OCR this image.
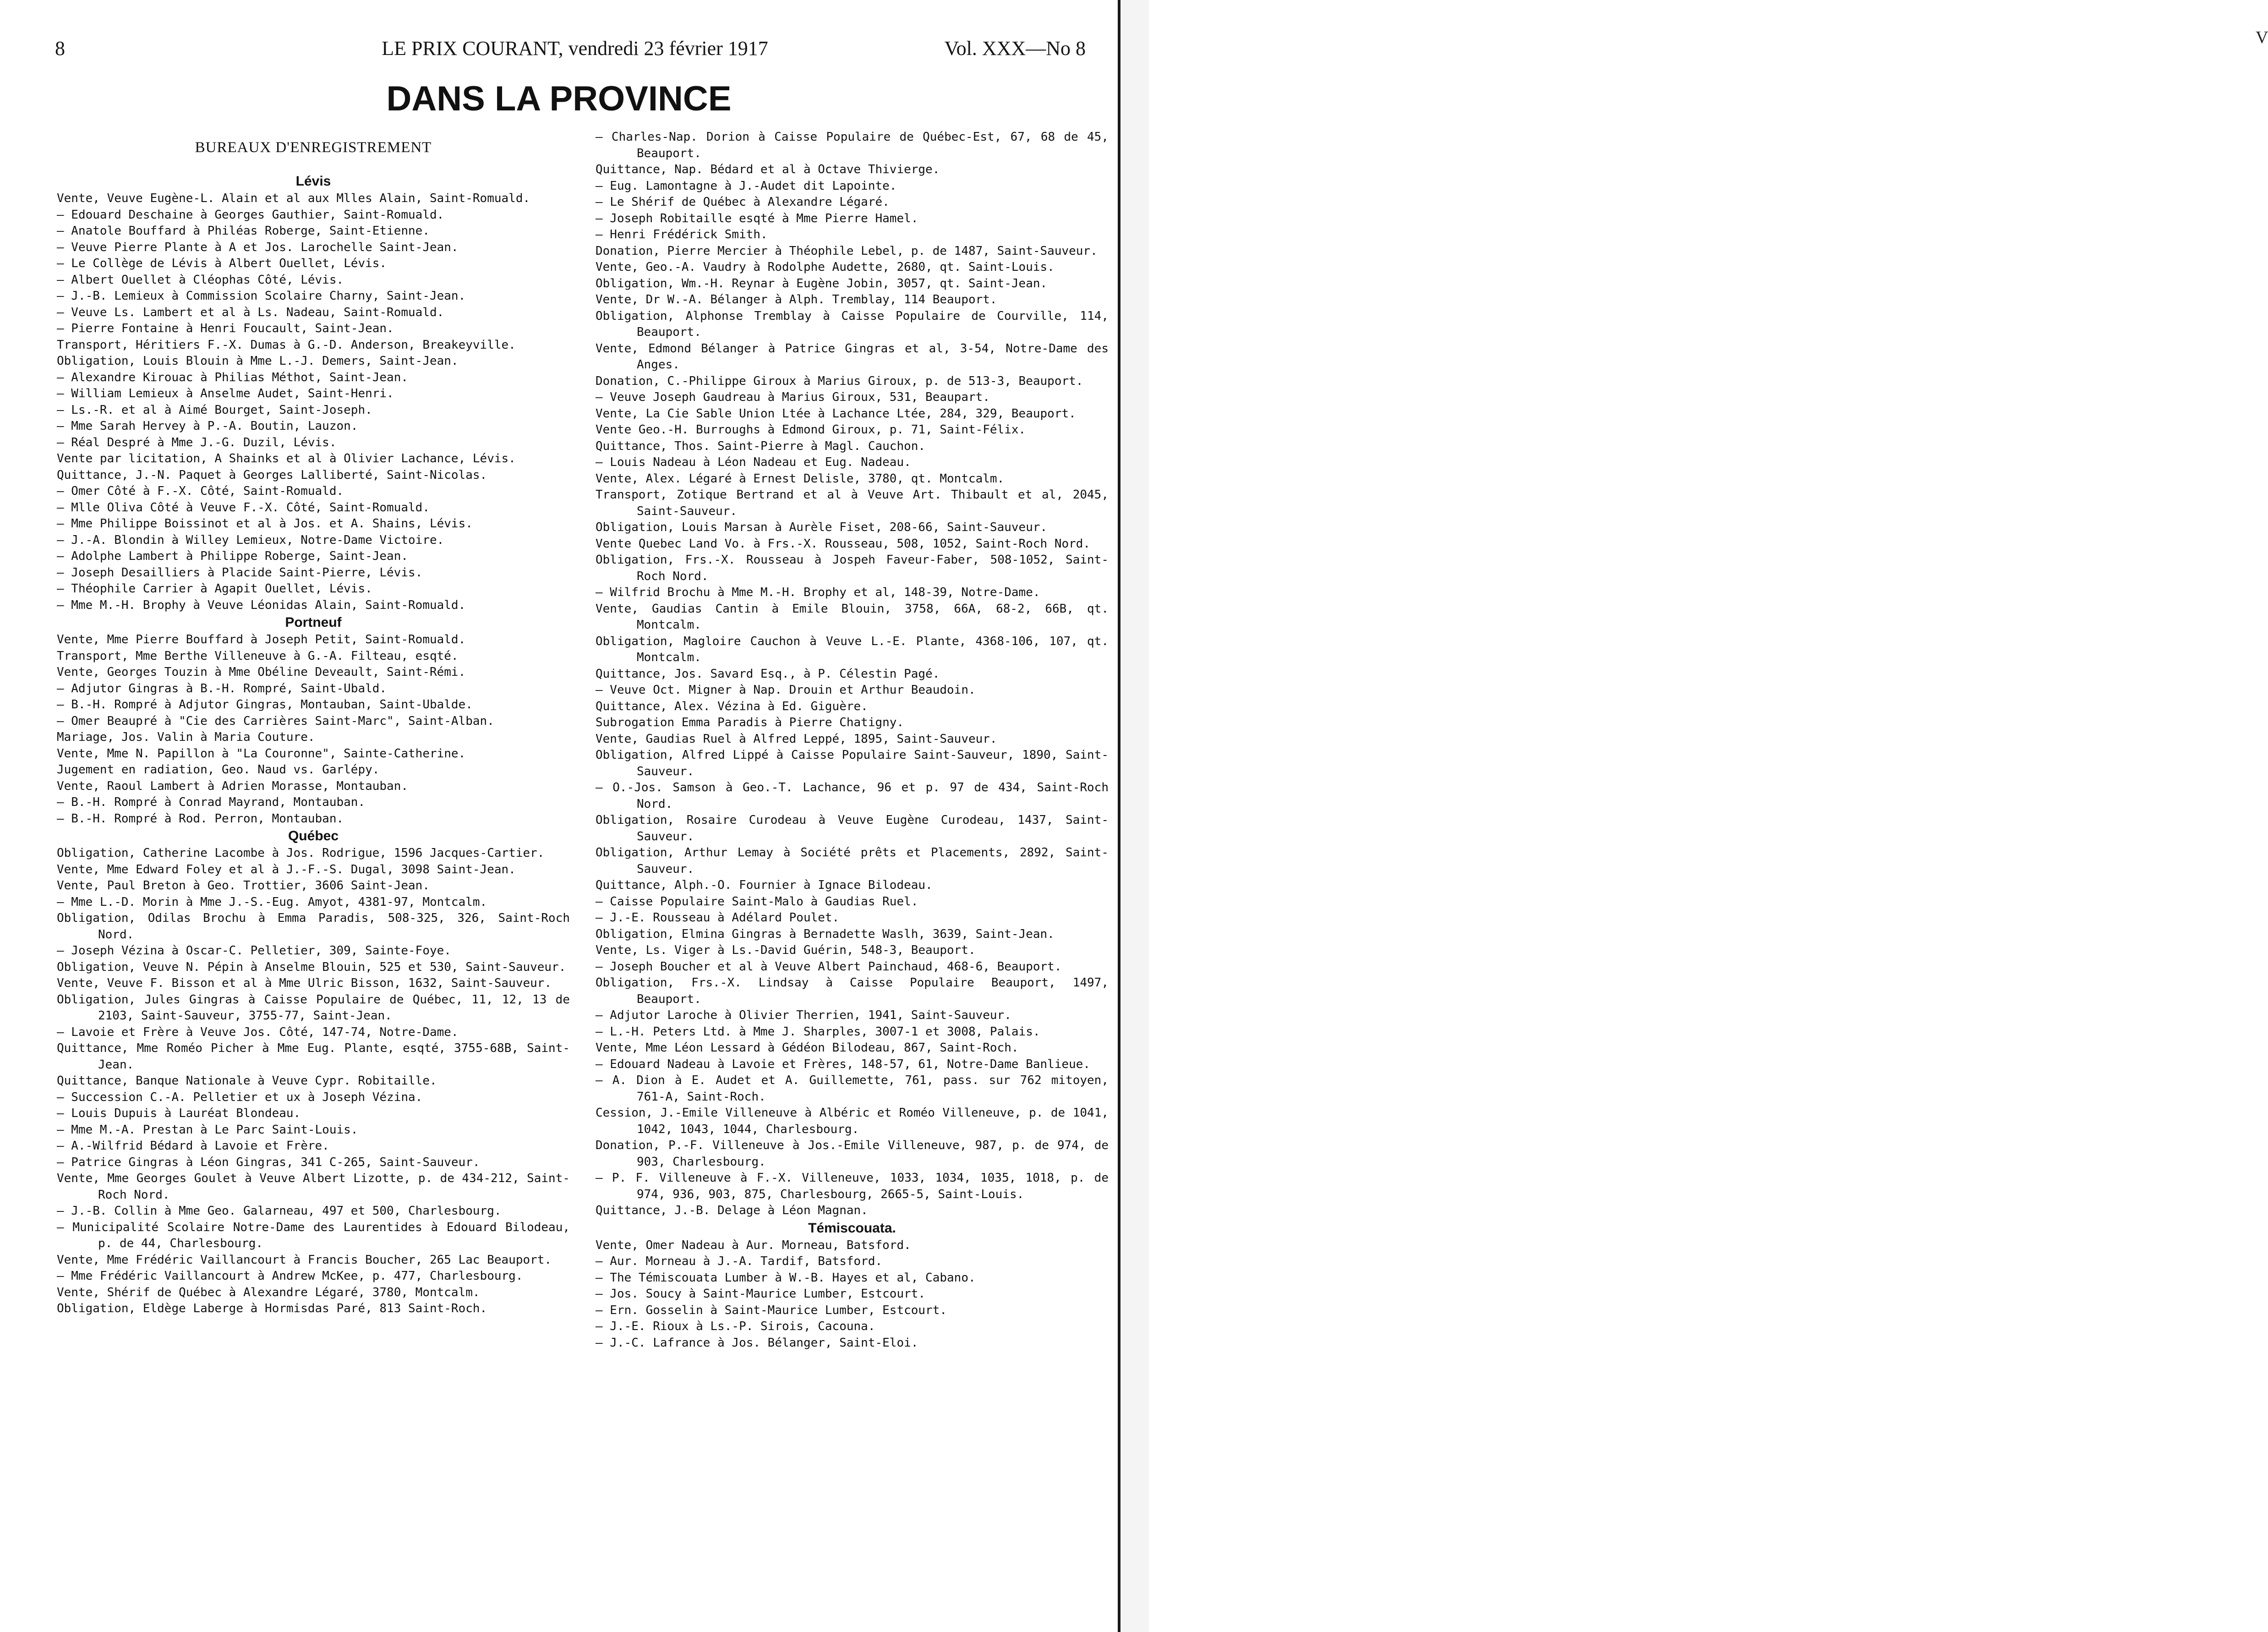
8	LE PRIX COURANT, vendredi 23 février 1917	Vol. XXX—No 8	V
DANS LA PROVINCE
BUREAUX D'ENREGISTREMENT
Lévis
Vente, Veuve Eugène-L. Alain et al aux Mlles Alain, Saint-Romuald.
— Edouard Deschaine à Georges Gauthier, Saint-Romuald.
— Anatole Bouffard à Philéas Roberge, Saint-Etienne.
— Veuve Pierre Plante à A et Jos. Larochelle Saint-Jean.
— Le Collège de Lévis à Albert Ouellet, Lévis.
— Albert Ouellet à Cléophas Côté, Lévis.
— J.-B. Lemieux à Commission Scolaire Charny, Saint-Jean.
— Veuve Ls. Lambert et al à Ls. Nadeau, Saint-Romuald.
— Pierre Fontaine à Henri Foucault, Saint-Jean.
Transport, Héritiers F.-X. Dumas à G.-D. Anderson, Breakeyville.
Obligation, Louis Blouin à Mme L.-J. Demers, Saint-Jean.
— Alexandre Kirouac à Philias Méthot, Saint-Jean.
— William Lemieux à Anselme Audet, Saint-Henri.
— Ls.-R. et al à Aimé Bourget, Saint-Joseph.
— Mme Sarah Hervey à P.-A. Boutin, Lauzon.
— Réal Despré à Mme J.-G. Duzil, Lévis.
Vente par licitation, A Shainks et al à Olivier Lachance, Lévis.
Quittance, J.-N. Paquet à Georges Lalliberté, Saint-Nicolas.
— Omer Côté à F.-X. Côté, Saint-Romuald.
— Mlle Oliva Côté à Veuve F.-X. Côté, Saint-Romuald.
— Mme Philippe Boissinot et al à Jos. et A. Shains, Lévis.
— J.-A. Blondin à Willey Lemieux, Notre-Dame Victoire.
— Adolphe Lambert à Philippe Roberge, Saint-Jean.
— Joseph Desailliers à Placide Saint-Pierre, Lévis.
— Théophile Carrier à Agapit Ouellet, Lévis.
— Mme M.-H. Brophy à Veuve Léonidas Alain, Saint-Romuald.
Portneuf
Vente, Mme Pierre Bouffard à Joseph Petit, Saint-Romuald.
Transport, Mme Berthe Villeneuve à G.-A. Filteau, esqté.
Vente, Georges Touzin à Mme Obéline Deveault, Saint-Rémi.
— Adjutor Gingras à B.-H. Rompré, Saint-Ubald.
— B.-H. Rompré à Adjutor Gingras, Montauban, Saint-Ubalde.
— Omer Beaupré à "Cie des Carrières Saint-Marc", Saint-Alban.
Mariage, Jos. Valin à Maria Couture.
Vente, Mme N. Papillon à "La Couronne", Sainte-Catherine.
Jugement en radiation, Geo. Naud vs. Garlépy.
Vente, Raoul Lambert à Adrien Morasse, Montauban.
— B.-H. Rompré à Conrad Mayrand, Montauban.
— B.-H. Rompré à Rod. Perron, Montauban.
Québec
Obligation, Catherine Lacombe à Jos. Rodrigue, 1596 Jacques-Cartier.
Vente, Mme Edward Foley et al à J.-F.-S. Dugal, 3098 Saint-Jean.
Vente, Paul Breton à Geo. Trottier, 3606 Saint-Jean.
— Mme L.-D. Morin à Mme J.-S.-Eug. Amyot, 4381-97, Montcalm.
Obligation, Odilas Brochu à Emma Paradis, 508-325, 326, Saint-Roch Nord.
— Joseph Vézina à Oscar-C. Pelletier, 309, Sainte-Foye.
Obligation, Veuve N. Pépin à Anselme Blouin, 525 et 530, Saint-Sauveur.
Vente, Veuve F. Bisson et al à Mme Ulric Bisson, 1632, Saint-Sauveur.
Obligation, Jules Gingras à Caisse Populaire de Québec, 11, 12, 13 de 2103, Saint-Sauveur, 3755-77, Saint-Jean.
— Lavoie et Frère à Veuve Jos. Côté, 147-74, Notre-Dame.
Quittance, Mme Roméo Picher à Mme Eug. Plante, esqté, 3755-68B, Saint-Jean.
Quittance, Banque Nationale à Veuve Cypr. Robitaille.
— Succession C.-A. Pelletier et ux à Joseph Vézina.
— Louis Dupuis à Lauréat Blondeau.
— Mme M.-A. Prestan à Le Parc Saint-Louis.
— A.-Wilfrid Bédard à Lavoie et Frère.
— Patrice Gingras à Léon Gingras, 341 C-265, Saint-Sauveur.
Vente, Mme Georges Goulet à Veuve Albert Lizotte, p. de 434-212, Saint-Roch Nord.
— J.-B. Collin à Mme Geo. Galarneau, 497 et 500, Charlesbourg.
— Municipalité Scolaire Notre-Dame des Laurentides à Edouard Bilodeau, p. de 44, Charlesbourg.
Vente, Mme Frédéric Vaillancourt à Francis Boucher, 265 Lac Beauport.
— Mme Frédéric Vaillancourt à Andrew McKee, p. 477, Charlesbourg.
Vente, Shérif de Québec à Alexandre Légaré, 3780, Montcalm.
Obligation, Eldège Laberge à Hormisdas Paré, 813 Saint-Roch.
— Charles-Nap. Dorion à Caisse Populaire de Québec-Est, 67, 68 de 45, Beauport.
Quittance, Nap. Bédard et al à Octave Thivierge.
— Eug. Lamontagne à J.-Audet dit Lapointe.
— Le Shérif de Québec à Alexandre Légaré.
— Joseph Robitaille esqté à Mme Pierre Hamel.
— Henri Frédérick Smith.
Donation, Pierre Mercier à Théophile Lebel, p. de 1487, Saint-Sauveur.
Vente, Geo.-A. Vaudry à Rodolphe Audette, 2680, qt. Saint-Louis.
Obligation, Wm.-H. Reynar à Eugène Jobin, 3057, qt. Saint-Jean.
Vente, Dr W.-A. Bélanger à Alph. Tremblay, 114 Beauport.
Obligation, Alphonse Tremblay à Caisse Populaire de Courville, 114, Beauport.
Vente, Edmond Bélanger à Patrice Gingras et al, 3-54, Notre-Dame des Anges.
Donation, C.-Philippe Giroux à Marius Giroux, p. de 513-3, Beauport.
— Veuve Joseph Gaudreau à Marius Giroux, 531, Beaupart.
Vente, La Cie Sable Union Ltée à Lachance Ltée, 284, 329, Beauport.
Vente Geo.-H. Burroughs à Edmond Giroux, p. 71, Saint-Félix.
Quittance, Thos. Saint-Pierre à Magl. Cauchon.
— Louis Nadeau à Léon Nadeau et Eug. Nadeau.
Vente, Alex. Légaré à Ernest Delisle, 3780, qt. Montcalm.
Transport, Zotique Bertrand et al à Veuve Art. Thibault et al, 2045, Saint-Sauveur.
Obligation, Louis Marsan à Aurèle Fiset, 208-66, Saint-Sauveur.
Vente Quebec Land Vo. à Frs.-X. Rousseau, 508, 1052, Saint-Roch Nord.
Obligation, Frs.-X. Rousseau à Jospeh Faveur-Faber, 508-1052, Saint-Roch Nord.
— Wilfrid Brochu à Mme M.-H. Brophy et al, 148-39, Notre-Dame.
Vente, Gaudias Cantin à Emile Blouin, 3758, 66A, 68-2, 66B, qt. Montcalm.
Obligation, Magloire Cauchon à Veuve L.-E. Plante, 4368-106, 107, qt. Montcalm.
Quittance, Jos. Savard Esq., à P. Célestin Pagé.
— Veuve Oct. Migner à Nap. Drouin et Arthur Beaudoin.
Quittance, Alex. Vézina à Ed. Giguère.
Subrogation Emma Paradis à Pierre Chatigny.
Vente, Gaudias Ruel à Alfred Leppé, 1895, Saint-Sauveur.
Obligation, Alfred Lippé à Caisse Populaire Saint-Sauveur, 1890, Saint-Sauveur.
— O.-Jos. Samson à Geo.-T. Lachance, 96 et p. 97 de 434, Saint-Roch Nord.
Obligation, Rosaire Curodeau à Veuve Eugène Curodeau, 1437, Saint-Sauveur.
Obligation, Arthur Lemay à Société prêts et Placements, 2892, Saint-Sauveur.
Quittance, Alph.-O. Fournier à Ignace Bilodeau.
— Caisse Populaire Saint-Malo à Gaudias Ruel.
— J.-E. Rousseau à Adélard Poulet.
Obligation, Elmina Gingras à Bernadette Waslh, 3639, Saint-Jean.
Vente, Ls. Viger à Ls.-David Guérin, 548-3, Beauport.
— Joseph Boucher et al à Veuve Albert Painchaud, 468-6, Beauport.
Obligation, Frs.-X. Lindsay à Caisse Populaire Beauport, 1497, Beauport.
— Adjutor Laroche à Olivier Therrien, 1941, Saint-Sauveur.
— L.-H. Peters Ltd. à Mme J. Sharples, 3007-1 et 3008, Palais.
Vente, Mme Léon Lessard à Gédéon Bilodeau, 867, Saint-Roch.
— Edouard Nadeau à Lavoie et Frères, 148-57, 61, Notre-Dame Banlieue.
— A. Dion à E. Audet et A. Guillemette, 761, pass. sur 762 mitoyen, 761-A, Saint-Roch.
Cession, J.-Emile Villeneuve à Albéric et Roméo Villeneuve, p. de 1041, 1042, 1043, 1044, Charlesbourg.
Donation, P.-F. Villeneuve à Jos.-Emile Villeneuve, 987, p. de 974, de 903, Charlesbourg.
— P. F. Villeneuve à F.-X. Villeneuve, 1033, 1034, 1035, 1018, p. de 974, 936, 903, 875, Charlesbourg, 2665-5, Saint-Louis.
Quittance, J.-B. Delage à Léon Magnan.
Témiscouata.
Vente, Omer Nadeau à Aur. Morneau, Batsford.
— Aur. Morneau à J.-A. Tardif, Batsford.
— The Témiscouata Lumber à W.-B. Hayes et al, Cabano.
— Jos. Soucy à Saint-Maurice Lumber, Estcourt.
— Ern. Gosselin à Saint-Maurice Lumber, Estcourt.
— J.-E. Rioux à Ls.-P. Sirois, Cacouna.
— J.-C. Lafrance à Jos. Bélanger, Saint-Eloi.
